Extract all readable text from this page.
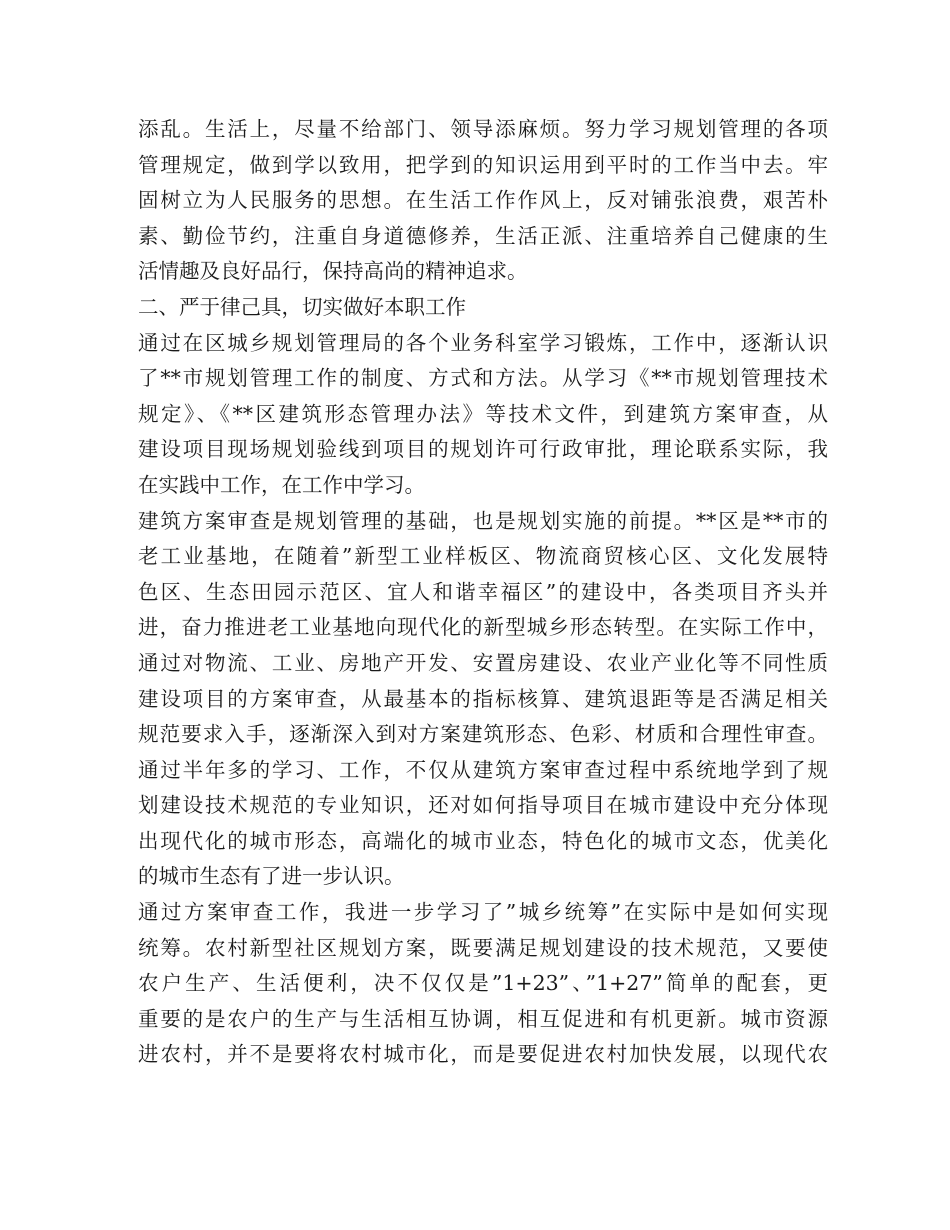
添乱。生活上，尽量不给部门、领导添麻烦。努力学习规划管理的各项
管理规定，做到学以致用，把学到的知识运用到平时的工作当中去。牢
固树立为人民服务的思想。在生活工作作风上，反对铺张浪费，艰苦朴
素、勤俭节约，注重自身道德修养，生活正派、注重培养自己健康的生
活情趣及良好品行，保持高尚的精神追求。
二、严于律己具，切实做好本职工作
通过在区城乡规划管理局的各个业务科室学习锻炼，工作中，逐渐认识
了**市规划管理工作的制度、方式和方法。从学习《**市规划管理技术
规定》、《**区建筑形态管理办法》等技术文件，到建筑方案审查，从
建设项目现场规划验线到项目的规划许可行政审批，理论联系实际，我
在实践中工作，在工作中学习。
建筑方案审查是规划管理的基础，也是规划实施的前提。**区是**市的
老工业基地，在随着”新型工业样板区、物流商贸核心区、文化发展特
色区、生态田园示范区、宜人和谐幸福区”的建设中，各类项目齐头并
进，奋力推进老工业基地向现代化的新型城乡形态转型。在实际工作中，
通过对物流、工业、房地产开发、安置房建设、农业产业化等不同性质
建设项目的方案审查，从最基本的指标核算、建筑退距等是否满足相关
规范要求入手，逐渐深入到对方案建筑形态、色彩、材质和合理性审查。
通过半年多的学习、工作，不仅从建筑方案审查过程中系统地学到了规
划建设技术规范的专业知识，还对如何指导项目在城市建设中充分体现
出现代化的城市形态，高端化的城市业态，特色化的城市文态，优美化
的城市生态有了进一步认识。
通过方案审查工作，我进一步学习了”城乡统筹”在实际中是如何实现
统筹。农村新型社区规划方案，既要满足规划建设的技术规范，又要使
农户生产、生活便利，决不仅仅是”1+23”、”1+27”简单的配套，更
重要的是农户的生产与生活相互协调，相互促进和有机更新。城市资源
进农村，并不是要将农村城市化，而是要促进农村加快发展，以现代农
